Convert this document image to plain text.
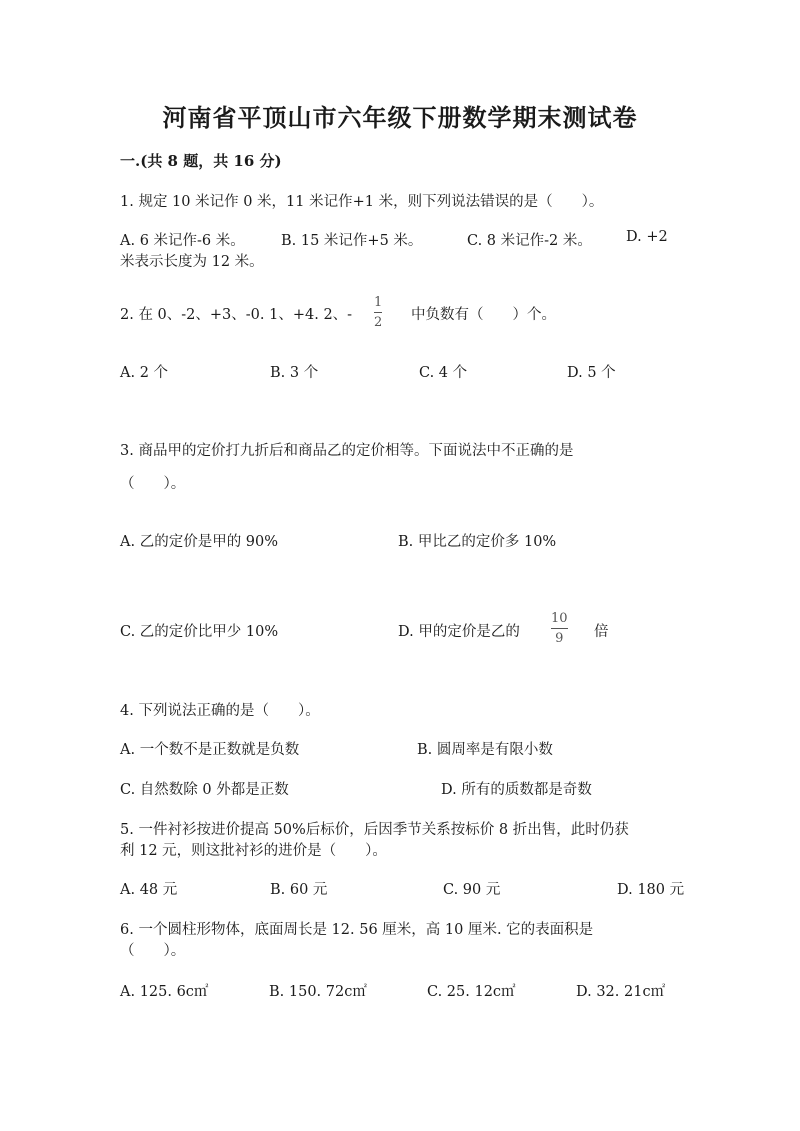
河南省平顶山市六年级下册数学期末测试卷
一.(共 8 题，共 16 分)
1. 规定 10 米记作 0 米，11 米记作+1 米，则下列说法错误的是（　　）。
A. 6 米记作-6 米。 B. 15 米记作+5 米。	C. 8 米记作-2 米。 D. +2
米表示长度为 12 米。
2. 在 0、-2、+3、-0. 1、+4. 2、-
1
2 中负数有（　　）个。
A. 2 个	B. 3 个	C. 4 个	D. 5 个
3. 商品甲的定价打九折后和商品乙的定价相等。下面说法中不正确的是
（　　）。
A. 乙的定价是甲的 90%	B. 甲比乙的定价多 10%
C. 乙的定价比甲少 10%	D. 甲的定价是乙的
10
9 倍
4. 下列说法正确的是（　　）。
A. 一个数不是正数就是负数	B. 圆周率是有限小数
C. 自然数除 0 外都是正数	D. 所有的质数都是奇数
5. 一件衬衫按进价提高 50%后标价，后因季节关系按标价 8 折出售，此时仍获
利 12 元，则这批衬衫的进价是（　　）。
A. 48 元	B. 60 元	C. 90 元	D. 180 元
6. 一个圆柱形物体，底面周长是 12. 56 厘米，高 10 厘米. 它的表面积是
（　　）。
A. 125. 6c㎡	B. 150. 72c㎡	C. 25. 12c㎡	D. 32. 21c㎡
